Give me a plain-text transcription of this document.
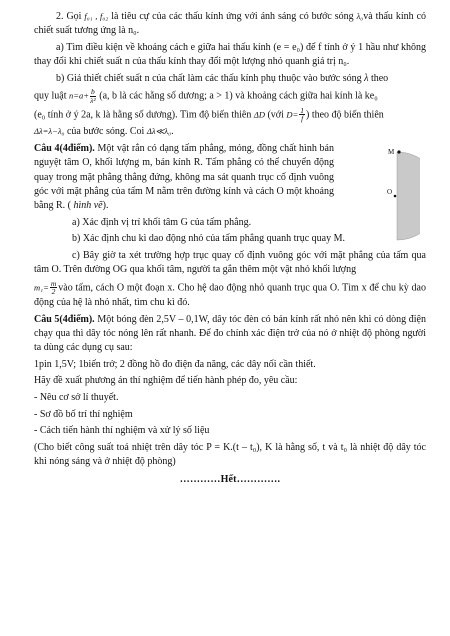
2. Gọi f₀₁ , f₀₂ là tiêu cự của các thấu kính ứng với ánh sáng có bước sóng λ₀và thấu kính có chiết suất tương ứng là n₀.

a) Tìm điều kiện về khoảng cách e giữa hai thấu kính (e = e₀) để f tính ở ý 1 hầu như không thay đổi khi chiết suất n của thấu kính thay đổi một lượng nhỏ quanh giá trị n₀.

b) Giả thiết chiết suất n của chất làm các thấu kính phụ thuộc vào bước sóng λ theo

quy luật $n=a+ \frac{b}{\text{λ²}} (a$, b là các hằng số dương; a > 1) và khoảng cách giữa hai kính là ke₀

(e₀ tính ở ý 2a, k là hằng số dương). Tìm độ biến thiên ΔD (với $D= \frac{1}{f}$ ) theo độ biến thiên

Δλ=λ−λ₀ của bước sóng. Coi Δλ≪λ₀.

Câu 4(4điểm). Một vật rắn có dạng tấm phẳng, mỏng, đồng chất hình bán nguyệt tâm O, khối lượng m, bán kính R. Tấm phẳng có thể chuyển động quay trong mặt phẳng thẳng đứng, không ma sát quanh trục cố định vuông góc với mặt phẳng của tấm M nằm trên đường kính và cách O một khoảng bằng R. ( hình vẽ).

M
O

a) Xác định vị trí khối tâm G của tấm phẳng.

b) Xác định chu kì dao động nhỏ của tấm phẳng quanh trục quay M.

c) Bây giờ ta xét trường hợp trục quay cố định vuông góc với mặt phẳng của tấm qua tâm O. Trên đường OG qua khối tâm, người ta gắn thêm một vật nhỏ khối lượng

$m_1= \frac{m}{2}$ vào tấm, cách O một đoạn x. Cho hệ dao động nhỏ quanh trục qua O. Tìm x để chu kỳ dao động của hệ là nhỏ nhất, tìm chu kì đó.

Câu 5(4điểm). Một bóng đèn 2,5V – 0,1W, dây tóc đèn có bán kính rất nhỏ nên khi có dòng điện chạy qua thì dây tóc nóng lên rất nhanh. Để đo chính xác điện trở của nó ở nhiệt độ phòng người ta dùng các dụng cụ sau:

1pin 1,5V; 1biến trở; 2 đồng hồ đo điện đa năng, các dây nối cần thiết.

Hãy đề xuất phương án thí nghiệm để tiến hành phép đo, yêu cầu:

- Nêu cơ sở lí thuyết.

- Sơ đồ bố trí thí nghiệm

- Cách tiến hành thí nghiệm và xử lý số liệu

(Cho biết công suất toả nhiệt trên dây tóc P = K.(t – t₀), K là hằng số, t và t₀ là nhiệt độ dây tóc khi nóng sáng và ở nhiệt độ phòng)

…………Hết………….
